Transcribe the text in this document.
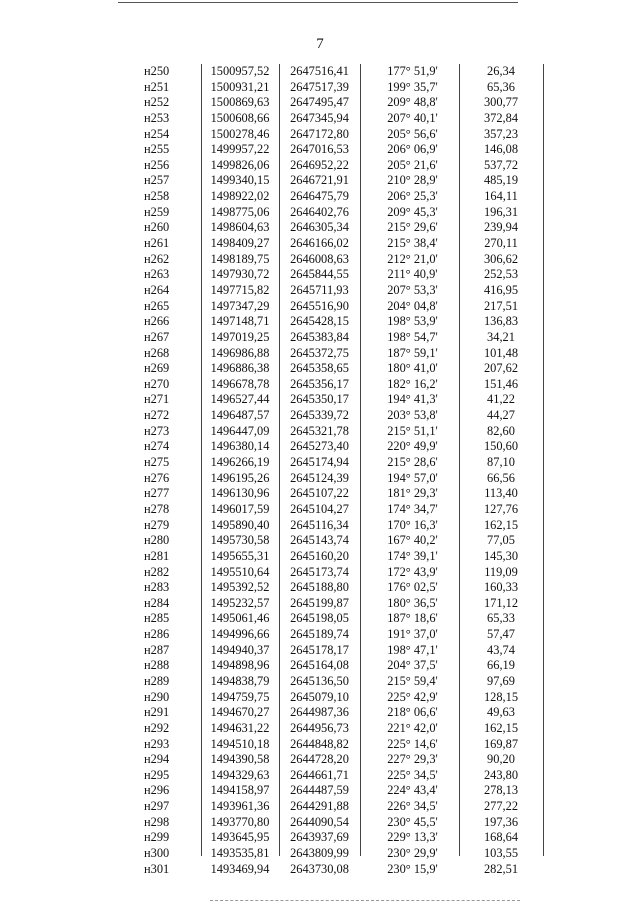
7
н250	1500957,52	2647516,41	177° 51,9'	26,34
н251	1500931,21	2647517,39	199° 35,7'	65,36
н252	1500869,63	2647495,47	209° 48,8'	300,77
н253	1500608,66	2647345,94	207° 40,1'	372,84
н254	1500278,46	2647172,80	205° 56,6'	357,23
н255	1499957,22	2647016,53	206° 06,9'	146,08
н256	1499826,06	2646952,22	205° 21,6'	537,72
н257	1499340,15	2646721,91	210° 28,9'	485,19
н258	1498922,02	2646475,79	206° 25,3'	164,11
н259	1498775,06	2646402,76	209° 45,3'	196,31
н260	1498604,63	2646305,34	215° 29,6'	239,94
н261	1498409,27	2646166,02	215° 38,4'	270,11
н262	1498189,75	2646008,63	212° 21,0'	306,62
н263	1497930,72	2645844,55	211° 40,9'	252,53
н264	1497715,82	2645711,93	207° 53,3'	416,95
н265	1497347,29	2645516,90	204° 04,8'	217,51
н266	1497148,71	2645428,15	198° 53,9'	136,83
н267	1497019,25	2645383,84	198° 54,7'	34,21
н268	1496986,88	2645372,75	187° 59,1'	101,48
н269	1496886,38	2645358,65	180° 41,0'	207,62
н270	1496678,78	2645356,17	182° 16,2'	151,46
н271	1496527,44	2645350,17	194° 41,3'	41,22
н272	1496487,57	2645339,72	203° 53,8'	44,27
н273	1496447,09	2645321,78	215° 51,1'	82,60
н274	1496380,14	2645273,40	220° 49,9'	150,60
н275	1496266,19	2645174,94	215° 28,6'	87,10
н276	1496195,26	2645124,39	194° 57,0'	66,56
н277	1496130,96	2645107,22	181° 29,3'	113,40
н278	1496017,59	2645104,27	174° 34,7'	127,76
н279	1495890,40	2645116,34	170° 16,3'	162,15
н280	1495730,58	2645143,74	167° 40,2'	77,05
н281	1495655,31	2645160,20	174° 39,1'	145,30
н282	1495510,64	2645173,74	172° 43,9'	119,09
н283	1495392,52	2645188,80	176° 02,5'	160,33
н284	1495232,57	2645199,87	180° 36,5'	171,12
н285	1495061,46	2645198,05	187° 18,6'	65,33
н286	1494996,66	2645189,74	191° 37,0'	57,47
н287	1494940,37	2645178,17	198° 47,1'	43,74
н288	1494898,96	2645164,08	204° 37,5'	66,19
н289	1494838,79	2645136,50	215° 59,4'	97,69
н290	1494759,75	2645079,10	225° 42,9'	128,15
н291	1494670,27	2644987,36	218° 06,6'	49,63
н292	1494631,22	2644956,73	221° 42,0'	162,15
н293	1494510,18	2644848,82	225° 14,6'	169,87
н294	1494390,58	2644728,20	227° 29,3'	90,20
н295	1494329,63	2644661,71	225° 34,5'	243,80
н296	1494158,97	2644487,59	224° 43,4'	278,13
н297	1493961,36	2644291,88	226° 34,5'	277,22
н298	1493770,80	2644090,54	230° 45,5'	197,36
н299	1493645,95	2643937,69	229° 13,3'	168,64
н300	1493535,81	2643809,99	230° 29,9'	103,55
н301	1493469,94	2643730,08	230° 15,9'	282,51
